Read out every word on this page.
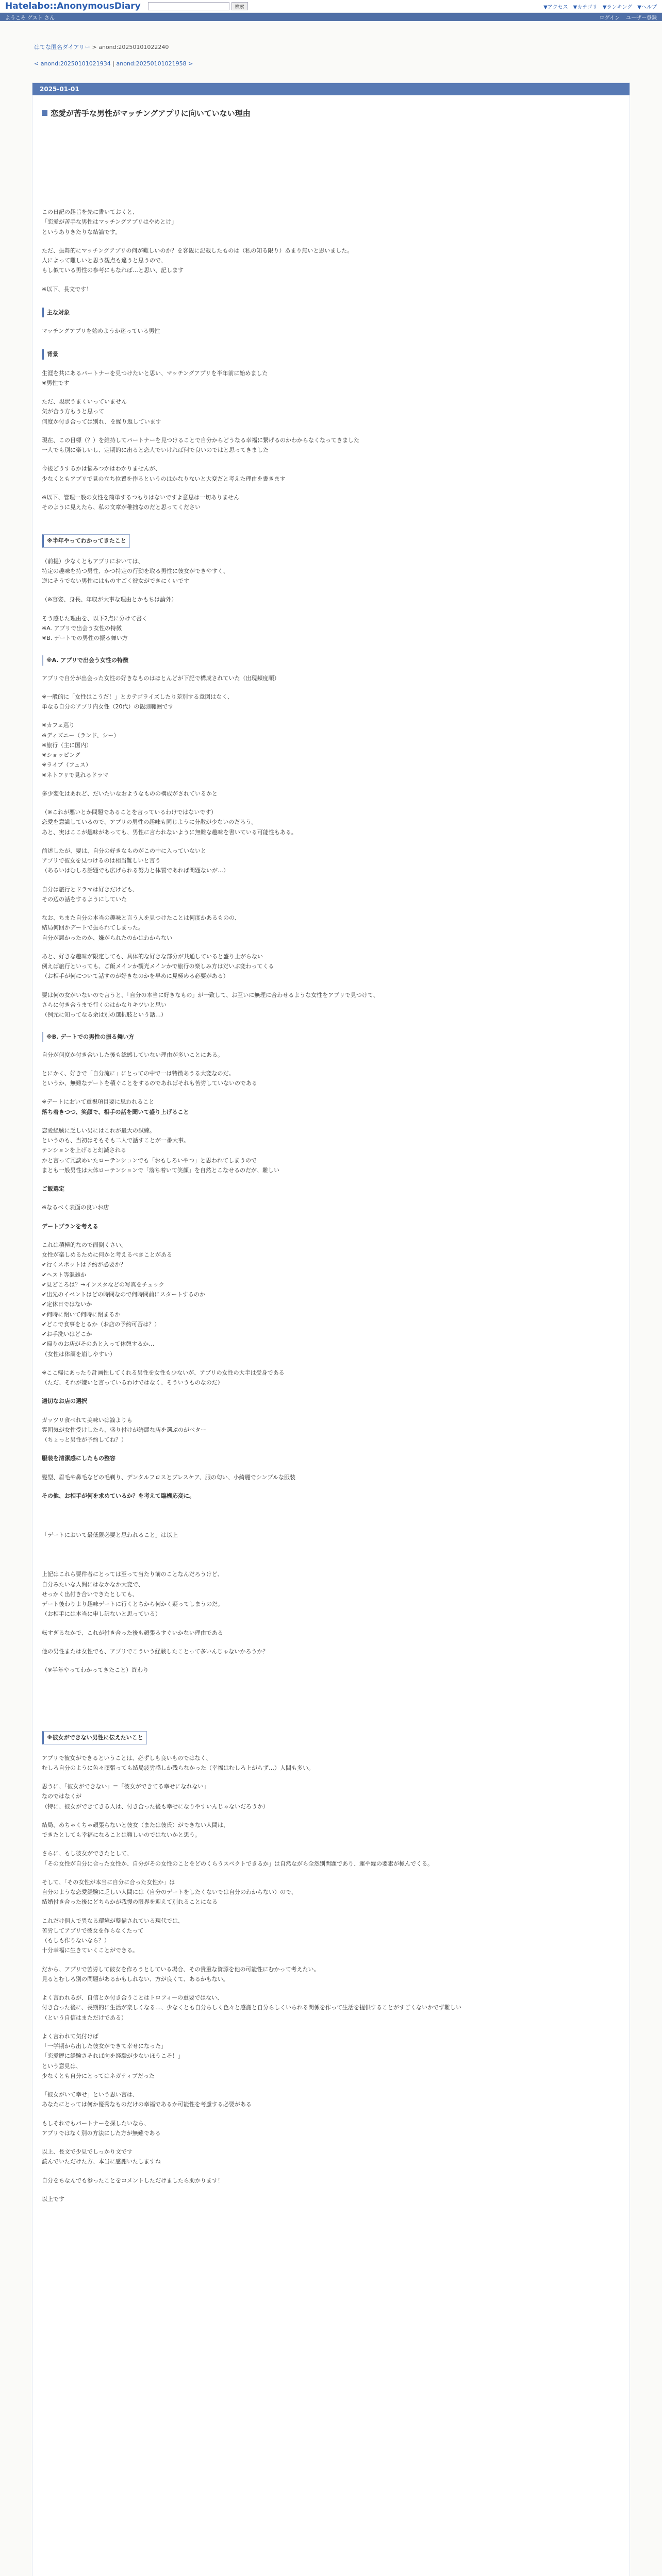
Hatelabo::AnonymousDiary	検索	▼アクセス ▼カテゴリ ▼ランキング ▼ヘルプ
ようこそ ゲスト さん	ログイン ユーザー登録
はてな匿名ダイアリー > anond:20250101022240
< anond:20250101021934 | anond:20250101021958 >
2025-01-01
恋愛が苦手な男性がマッチングアプリに向いていない理由

この日記の趣旨を先に書いておくと、
「恋愛が苦手な男性はマッチングアプリはやめとけ」
というありきたりな結論です。

ただ、振舞的にマッチングアプリの何が難しいのか？を客観に記載したものは（私の知る限り）あまり無いと思いました。
人によって難しいと思う観点も違うと思うので、
もし似ている男性の参考にもなれば…と思い、記します

※以下、長文です！

主な対象

マッチングアプリを始めようか迷っている男性

背景

生涯を共にあるパートナーを見つけたいと思い、マッチングアプリを半年前に始めました
※男性です

ただ、現状うまくいっていません
気が合う方もうと思って
何度か付き合っては別れ、を繰り返しています

現在、この目標（？）を維持してパートナーを見つけることで自分からどうなる幸福に繋げるのかわからなくなってきました
一人でも別に楽しいし、定期的に出ると恋人でいければ何で良いのではと思ってきました

今後どうするかは悩みつかはわかりませんが、
少なくともアプリで見の立ち位置を作るというのはかなりないと大変だと考えた理由を書きます

※以下、管理一般の女性を簡単するつもりはないですよ意思は一切ありません
そのように見えたら、私の文章が稚拙なのだと思ってください

※半年やってわかってきたこと

（前提）少なくともアプリにおいては、
特定の趣味を持つ男性、かつ特定の行動を取る男性に彼女ができやすく、
逆にそうでない男性にはものすごく彼女ができにくいです

（※容姿、身長、年収が大事な理由とかもちは論外）

そう感じた理由を、以下2点に分けて書く
※A. アプリで出会う女性の特徴
※B. デートでの男性の振る舞い方

※A. アプリで出会う女性の特徴

アプリで自分が出会った女性の好きなものはほとんどが下記で構成されていた（出現頻度順）

※一般的に「女性はこうだ！」とカテゴライズしたり差別する意図はなく、
単なる自分のアプリ内女性（20代）の観測範囲です

※カフェ巡り
※ディズニー（ランド、シー）
※旅行（主に国内）
※ショッピング
※ライブ（フェス）
※ネトフリで見れるドラマ

多少変化はあれど、だいたいなおようなものの構成がされているかと

（※これが悪いとか問題であることを言っているわけではないです）
恋愛を意識しているので、アプリの男性の趣味も同じように分散が少ないのだろう。
あと、実はここが趣味があっても、男性に言われないように無難な趣味を書いている可能性もある。

前述したが、要は、自分の好きなものがこの中に入っていないと
アプリで彼女を見つけるのは相当難しいと言う
（あるいはむしろ話題でも広げられる努力と体質であれば問題ないが…）

自分は旅行とドラマは好きだけども、
その辺の話をするようにしていた

なお、ちまた自分の本当の趣味と言う人を見つけたことは何度かあるものの、
結局何回かデートで振られてしまった。
自分が悪かったのか、嫌がられたのかはわからない

あと、好きな趣味が限定しても、具体的な好きな部分が共通していると盛り上がらない
例えば旅行といっても、ご飯メインか観光メインかで旅行の楽しみ方はだいぶ変わってくる
（お相手が何について話すのが好きなのかを早めに見極める必要がある）

要は何の女がいないので言うと、「自分の本当に好きなもの」が一致して、お互いに無理に合わせるような女性をアプリで見つけて、
さらに付き合うまで行くのはかなりキツいと思い
（例元に知ってなる余は別の選択肢という話…）

※B. デートでの男性の振る舞い方

自分が何度か付き合いした後も総感していない理由が多いことにある。

とにかく、好きで「自分流に」にとっての中で一は特徴あうる大変なのだ。
というか、無難なデートを積ぐことをするのであればそれも苦労していないのである

※デートにおいて重視項目要に思われること
落ち着きつつ、笑顔で、相手の話を聞いて盛り上げること

恋愛経験に乏しい男にはこれが最大の試練。
というのも、当初はそもそも二人で話すことが一番大事。
テンションを上げると幻滅される
かと言って冗談めいたローテンションでも「おもしろいやつ」と思われてしまうので
まとも一般男性は大体ローテンションで「落ち着いて笑顔」を自然とこなせるのだが、難しい

ご飯選定

※なるべく表面の良いお店

デートプランを考える

これは積極的なので面倒くさい。
女性が楽しめるために何かと考えるべきことがある
✔行くスポットは予約が必要か？
✔ヘスト等混雑か
✔見どころは？→インスタなどの写真をチェック
✔出先のイベントはどの時間なので何時間前にスタートするのか
✔定休日ではないか
✔何時に閉いて何時に閉まるか
✔どこで食事をとるか（お店の予約可否は？）
✔お手洗いはどこか
✔帰りのお店がそのあと入って休憩するか…
（女性は体調を崩しやすい）

※ここ帰にあったり計画性してくれる男性を女性も少ないが、アプリの女性の大半は受身である
（ただ、それが嫌いと言っているわけではなく、そういうものなのだ）

適切なお店の選択

ガッツリ食べれて美味いは論よりも
雰囲気が女性受けしたら、盛り付けが綺麗な店を選ぶのがベター
（ちょっと男性が予約してね？）

服装を清潔感にしたもの整容

髪型、眉毛や鼻毛などの毛剃り、デンタルフロスとブレスケア、服の匂い、小綺麗でシンプルな服装

その他、お相手が何を求めているか？を考えて臨機応変に。

「デートにおいて最低限必要と思われること」は以上

上記はこれら要件者にとっては至って当たり前のことなんだろうけど、
自分みたいな人間にはなかなか大変で、
せっかく出付き合いできたとしても、
デート後わりより趣味デートに行くとちから何かく疑ってしまうのだ。
（お相手には本当に申し訳ないと思っている）

転すぎるなかで、これが付き合った後も頑張るすぐいかない理由である

他の男性または女性でも、アプリでこういう経験したことって多いんじゃないかろうか？

（※半年やってわかってきたこと）終わり

※彼女ができない男性に伝えたいこと

アプリで彼女ができるということは、必ずしも良いものではなく、
むしろ自分のように色々頑張っても結局疲労感しか残らなかった（幸福はむしろ上がらず…）人間も多い。

思うに、「彼女ができない」＝「彼女ができてる幸せになれない」
なのではなくが
（特に、彼女ができてきる人は、付き合った後も幸せになりやすいんじゃないだろうか）

結局、めちゃくちゃ頑張らないと彼女（または彼氏）ができない人間は、
できたとしても幸福になることは難しいのではないかと思う。

さらに、もし彼女ができたとして、
「その女性が自分に合った女性か、自分がその女性のことをどのくらうスペクトできるか」は自然ながら全然別問題であり、運や縁の要素が極んでくる。

そして、「その女性が本当に自分に合った女性か」は
自分のような恋愛経験に乏しい人間には（自分のデートをしたくないでは自分のわからない）ので、
結婚付き合った後にどちらかが我慢の限界を迎えて別れることになる

これだけ個人で異なる環境が整備されている現代では、
苦労してアプリで彼女を作らなくたって
（もしも作りないなら？）
十分幸福に生きていくことができる。

だから、アプリで苦労して彼女を作ろうとしている場合、その貴重な資源を他の可能性にむかって考えたい。
見るとむしろ別の問題があるかもしれない、方が良くて、あるかもない。

よく言われるが、自信とか付き合うことはトロフィーの重要ではない、
付き合った後に、長期的に生活が楽しくなる…、少なくとも自分らしく色々と感謝と自分らしくいられる関係を作って生活を提供することがすごくないかでず難しい
（という自信はまただけである）

よく言われて気付けば
「一学期から出した彼女ができて幸せになった」
「恋愛歴に経験さそれば向を経験が少ないほうこそ！」
という意見は、
少なくとも自分にとってはネガティブだった

「彼女がいて幸せ」という思い言は、
あなたにとっては何か優秀なものだけの幸福であるか可能性を考慮する必要がある

もしそれでもパートナーを探したいなら、
アプリではなく別の方法にした方が無難である

以上、長文で少見でしっかり文です
読んでいただけた方、本当に感謝いたしますね

自分をちなんでも参ったことをコメントしただけましたら助かります！

以上です
